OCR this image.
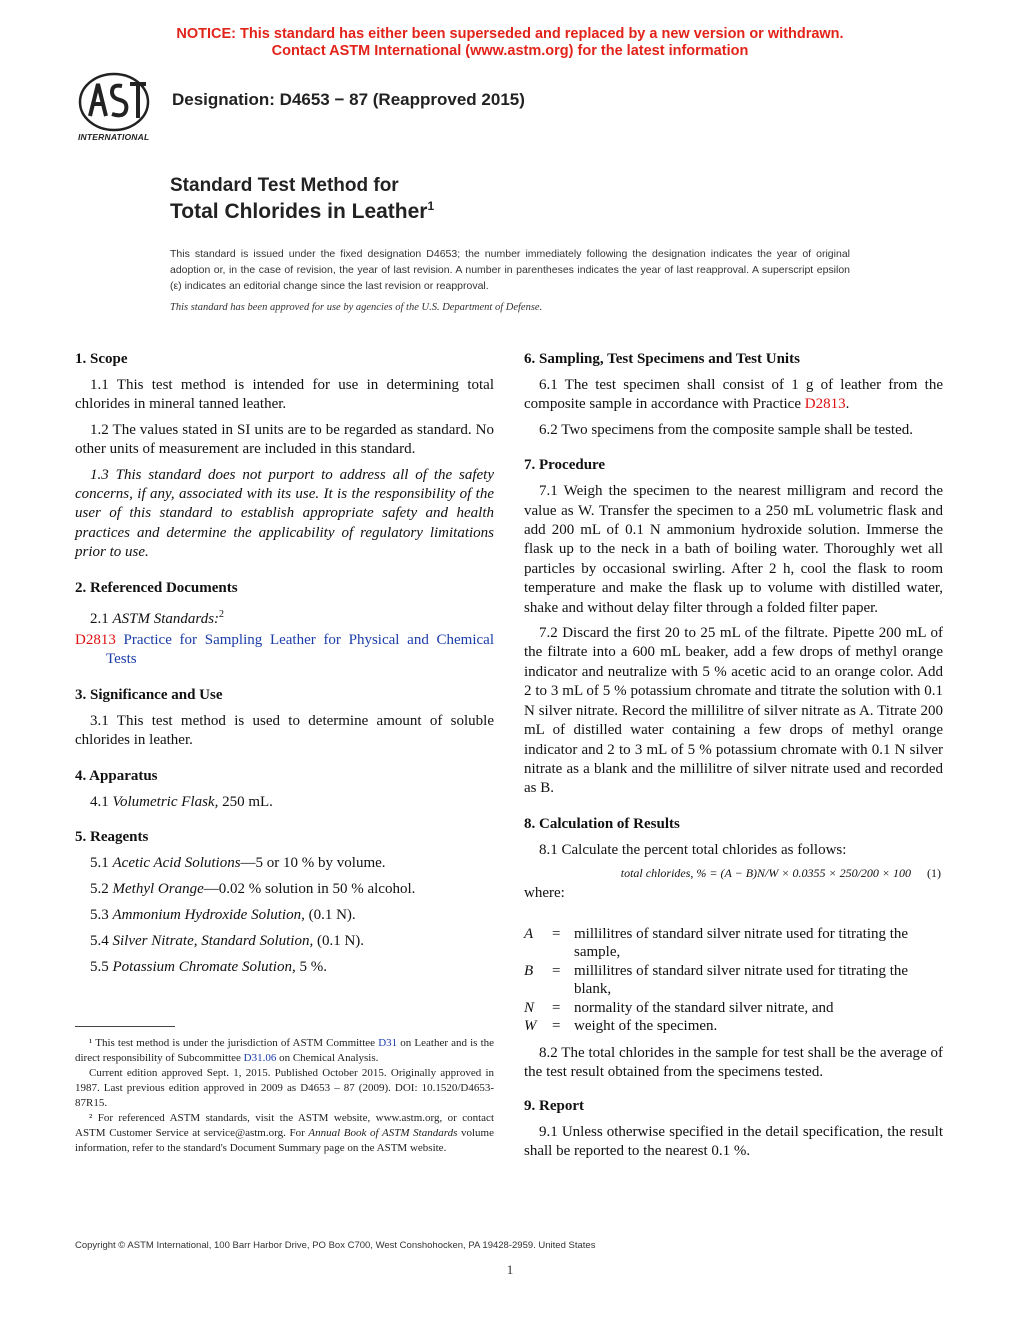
NOTICE: This standard has either been superseded and replaced by a new version or withdrawn.
Contact ASTM International (www.astm.org) for the latest information
INTERNATIONAL
Designation: D4653 − 87 (Reapproved 2015)
Standard Test Method for
Total Chlorides in Leather$^1$
This standard is issued under the fixed designation D4653; the number immediately following the designation indicates the year of original adoption or, in the case of revision, the year of last revision. A number in parentheses indicates the year of last reapproval. A superscript epsilon (ε) indicates an editorial change since the last revision or reapproval.
This standard has been approved for use by agencies of the U.S. Department of Defense.
1. Scope

1.1 This test method is intended for use in determining total chlorides in mineral tanned leather.

1.2 The values stated in SI units are to be regarded as standard. No other units of measurement are included in this standard.

1.3 This standard does not purport to address all of the safety concerns, if any, associated with its use. It is the responsibility of the user of this standard to establish appropriate safety and health practices and determine the applicability of regulatory limitations prior to use.

2. Referenced Documents

2.1 ASTM Standards:$^2$

D2813 Practice for Sampling Leather for Physical and Chemical Tests

3. Significance and Use

3.1 This test method is used to determine amount of soluble chlorides in leather.

4. Apparatus

4.1 Volumetric Flask, 250 mL.

5. Reagents

5.1 Acetic Acid Solutions—5 or 10 % by volume.

5.2 Methyl Orange—0.02 % solution in 50 % alcohol.

5.3 Ammonium Hydroxide Solution, (0.1 N).

5.4 Silver Nitrate, Standard Solution, (0.1 N).

5.5 Potassium Chromate Solution, 5 %.

¹ This test method is under the jurisdiction of ASTM Committee D31 on Leather and is the direct responsibility of Subcommittee D31.06 on Chemical Analysis.

Current edition approved Sept. 1, 2015. Published October 2015. Originally approved in 1987. Last previous edition approved in 2009 as D4653 – 87 (2009). DOI: 10.1520/D4653-87R15.

² For referenced ASTM standards, visit the ASTM website, www.astm.org, or contact ASTM Customer Service at service@astm.org. For Annual Book of ASTM Standards volume information, refer to the standard's Document Summary page on the ASTM website.

6. Sampling, Test Specimens and Test Units

6.1 The test specimen shall consist of 1 g of leather from the composite sample in accordance with Practice D2813.

6.2 Two specimens from the composite sample shall be tested.

7. Procedure

7.1 Weigh the specimen to the nearest milligram and record the value as W. Transfer the specimen to a 250 mL volumetric flask and add 200 mL of 0.1 N ammonium hydroxide solution. Immerse the flask up to the neck in a bath of boiling water. Thoroughly wet all particles by occasional swirling. After 2 h, cool the flask to room temperature and make the flask up to volume with distilled water, shake and without delay filter through a folded filter paper.

7.2 Discard the first 20 to 25 mL of the filtrate. Pipette 200 mL of the filtrate into a 600 mL beaker, add a few drops of methyl orange indicator and neutralize with 5 % acetic acid to an orange color. Add 2 to 3 mL of 5 % potassium chromate and titrate the solution with 0.1 N silver nitrate. Record the millilitre of silver nitrate as A. Titrate 200 mL of distilled water containing a few drops of methyl orange indicator and 2 to 3 mL of 5 % potassium chromate with 0.1 N silver nitrate as a blank and the millilitre of silver nitrate used and recorded as B.

8. Calculation of Results

8.1 Calculate the percent total chlorides as follows:

total chlorides, % = (A − B)N/W × 0.0355 × 250/200 × 100 (1)

where:

A	=	millilitres of standard silver nitrate used for titrating the sample,
B	=	millilitres of standard silver nitrate used for titrating the blank,
N	=	normality of the standard silver nitrate, and
W	=	weight of the specimen.

8.2 The total chlorides in the sample for test shall be the average of the test result obtained from the specimens tested.

9. Report

9.1 Unless otherwise specified in the detail specification, the result shall be reported to the nearest 0.1 %.

Copyright © ASTM International, 100 Barr Harbor Drive, PO Box C700, West Conshohocken, PA 19428-2959. United States
1
